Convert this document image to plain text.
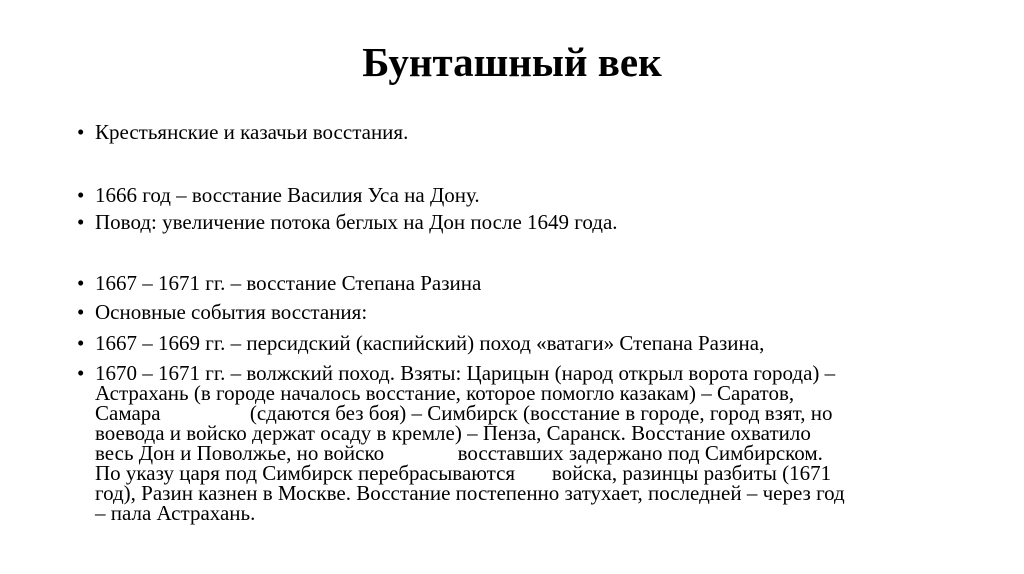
Бунташный век
• Крестьянские и казачьи восстания.
• 1666 год – восстание Василия Уса на Дону.
• Повод: увеличение потока беглых на Дон после 1649 года.
• 1667 – 1671 гг. – восстание Степана Разина
• Основные события восстания:
• 1667 – 1669 гг. – персидский (каспийский) поход «ватаги» Степана Разина,
• 1670 – 1671 гг. – волжский поход. Взяты: Царицын (народ открыл ворота города) –
Астрахань (в городе началось восстание, которое помогло казакам) – Саратов,
Самара                 (сдаются без боя) – Симбирск (восстание в городе, город взят, но
воевода и войско держат осаду в кремле) – Пенза, Саранск. Восстание охватило
весь Дон и Поволжье, но войско              восставших задержано под Симбирском.
По указу царя под Симбирск перебрасываются       войска, разинцы разбиты (1671
год), Разин казнен в Москве. Восстание постепенно затухает, последней – через год
– пала Астрахань.
